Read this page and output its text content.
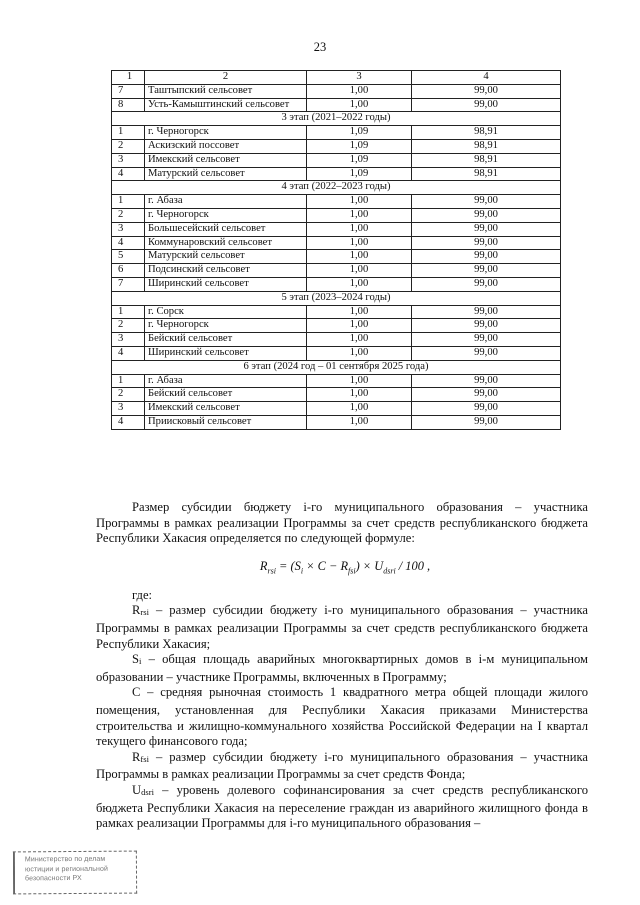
23
1	2	3	4
7	Таштыпский сельсовет	1,00	99,00
8	Усть-Камыштинский сельсовет	1,00	99,00
3 этап (2021–2022 годы)			
1	г. Черногорск	1,09	98,91
2	Аскизский поссовет	1,09	98,91
3	Имекский сельсовет	1,09	98,91
4	Матурский сельсовет	1,09	98,91
4 этап (2022–2023 годы)			
1	г. Абаза	1,00	99,00
2	г. Черногорск	1,00	99,00
3	Большесейский сельсовет	1,00	99,00
4	Коммунаровский сельсовет	1,00	99,00
5	Матурский сельсовет	1,00	99,00
6	Подсинский сельсовет	1,00	99,00
7	Ширинский сельсовет	1,00	99,00
5 этап (2023–2024 годы)			
1	г. Сорск	1,00	99,00
2	г. Черногорск	1,00	99,00
3	Бейский сельсовет	1,00	99,00
4	Ширинский сельсовет	1,00	99,00
6 этап (2024 год – 01 сентября 2025 года)			
1	г. Абаза	1,00	99,00
2	Бейский сельсовет	1,00	99,00
3	Имекский сельсовет	1,00	99,00
4	Приисковый сельсовет	1,00	99,00

Размер субсидии бюджету i-го муниципального образования – участника Программы в рамках реализации Программы за счет средств республиканского бюджета Республики Хакасия определяется по следующей формуле:

$R_{rsi} = (S_i \times C - R_{fsi}) \times U_{dsri} / 100$ ,

где:

Rrsi – размер субсидии бюджету i-го муниципального образования – участника Программы в рамках реализации Программы за счет средств республиканского бюджета Республики Хакасия;

Si – общая площадь аварийных многоквартирных домов в i-м муниципальном образовании – участнике Программы, включенных в Программу;

C – средняя рыночная стоимость 1 квадратного метра общей площади жилого помещения, установленная для Республики Хакасия приказами Министерства строительства и жилищно-коммунального хозяйства Российской Федерации на I квартал текущего финансового года;

Rfsi – размер субсидии бюджету i-го муниципального образования – участника Программы в рамках реализации Программы за счет средств Фонда;

Udsri – уровень долевого софинансирования за счет средств республиканского бюджета Республики Хакасия на переселение граждан из аварийного жилищного фонда в рамках реализации Программы для i-го муниципального образования –

Министерство по делам
юстиции и региональной
безопасности РХ
